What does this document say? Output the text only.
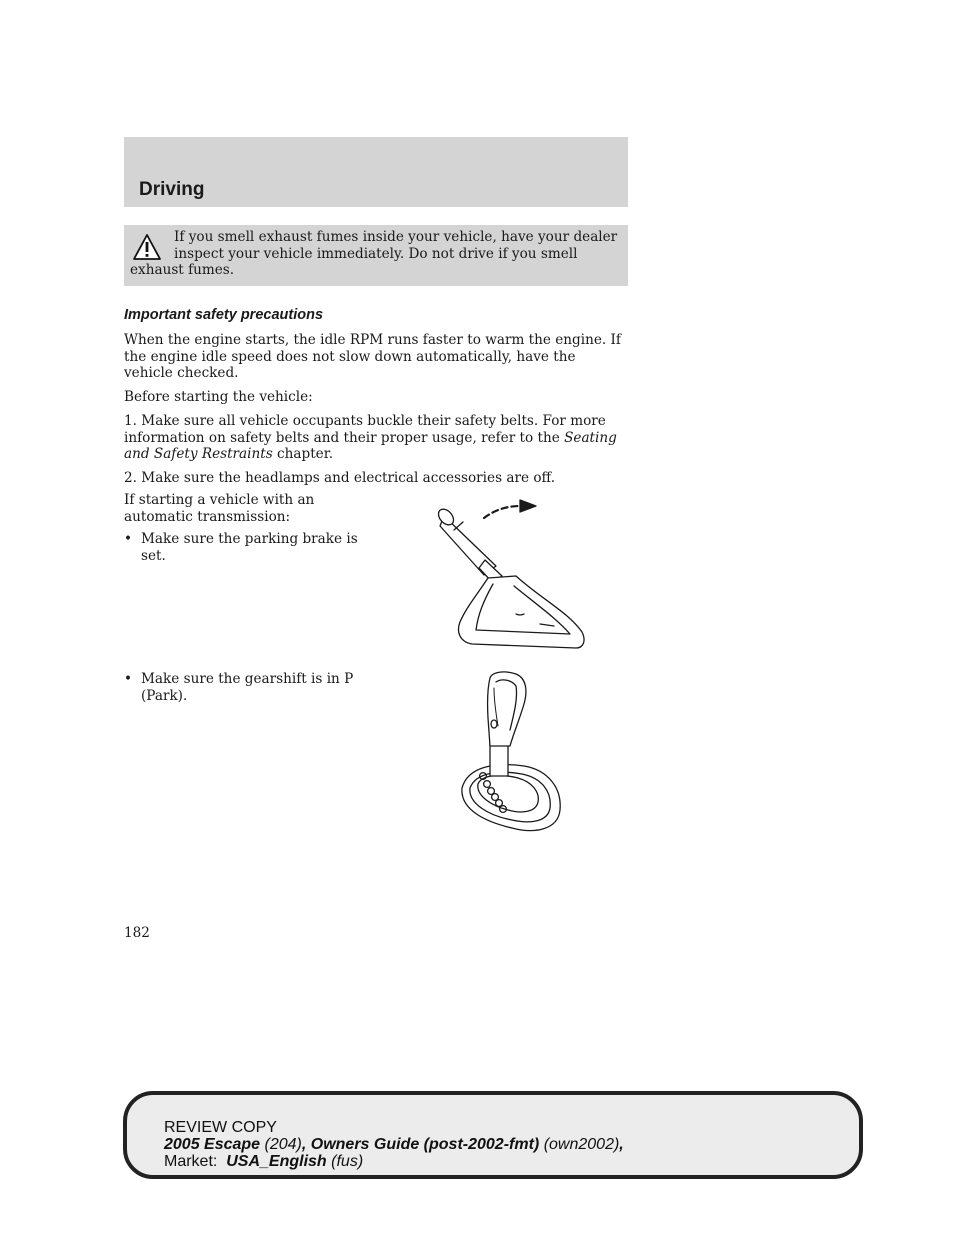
Driving
If you smell exhaust fumes inside your vehicle, have your dealer inspect your vehicle immediately. Do not drive if you smell exhaust fumes.
Important safety precautions

When the engine starts, the idle RPM runs faster to warm the engine. If the engine idle speed does not slow down automatically, have the vehicle checked.

Before starting the vehicle:

1. Make sure all vehicle occupants buckle their safety belts. For more information on safety belts and their proper usage, refer to the Seating and Safety Restraints chapter.

2. Make sure the headlamps and electrical accessories are off.

If starting a vehicle with an automatic transmission:

• Make sure the parking brake is set.
• Make sure the gearshift is in P (Park).
182
REVIEW COPY
2005 Escape (204), Owners Guide (post-2002-fmt) (own2002),
Market:  USA_English (fus)
